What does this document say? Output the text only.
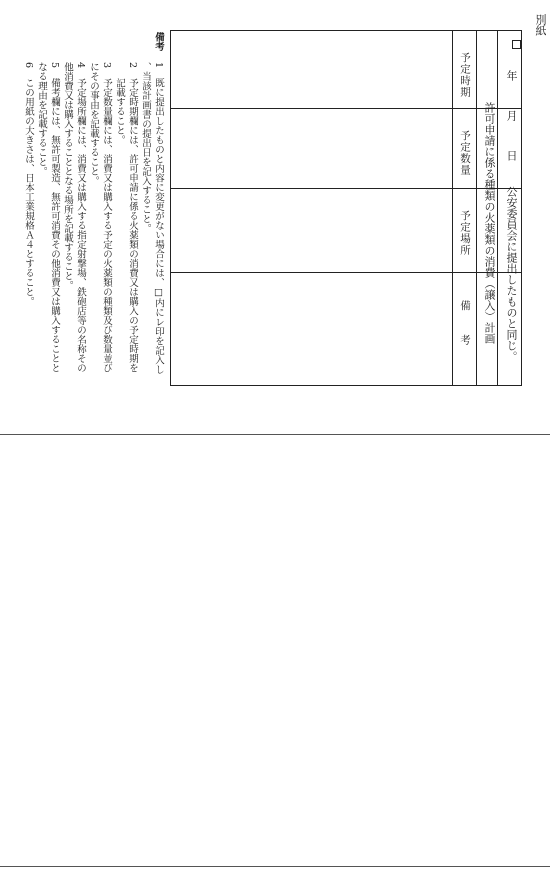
別紙
年
月
日
公安委員会に提出したものと同じ。
許可申請に係る種類の火薬類の消費（譲入）計画
予定時期
予定数量
予定場所
備　　考
備考
1
既に提出したものと内容に変更がない場合には、□内にレ印を記入し
、当該計画書の提出日を記入すること。
2
予定時期欄には、許可申請に係る火薬類の消費又は購入の予定時期を
記載すること。
3
予定数量欄には、消費又は購入する予定の火薬類の種類及び数量並び
にその事由を記載すること。
4
予定場所欄には、消費又は購入する指定射撃場、鉄砲店等の名称その
他消費又は購入することとなる場所を記載すること。
5
備考欄には、無許可製造、無許可消費その他消費又は購入することと
なる理由を記載すること。
6
この用紙の大きさは、日本工業規格Ａ４とすること。
